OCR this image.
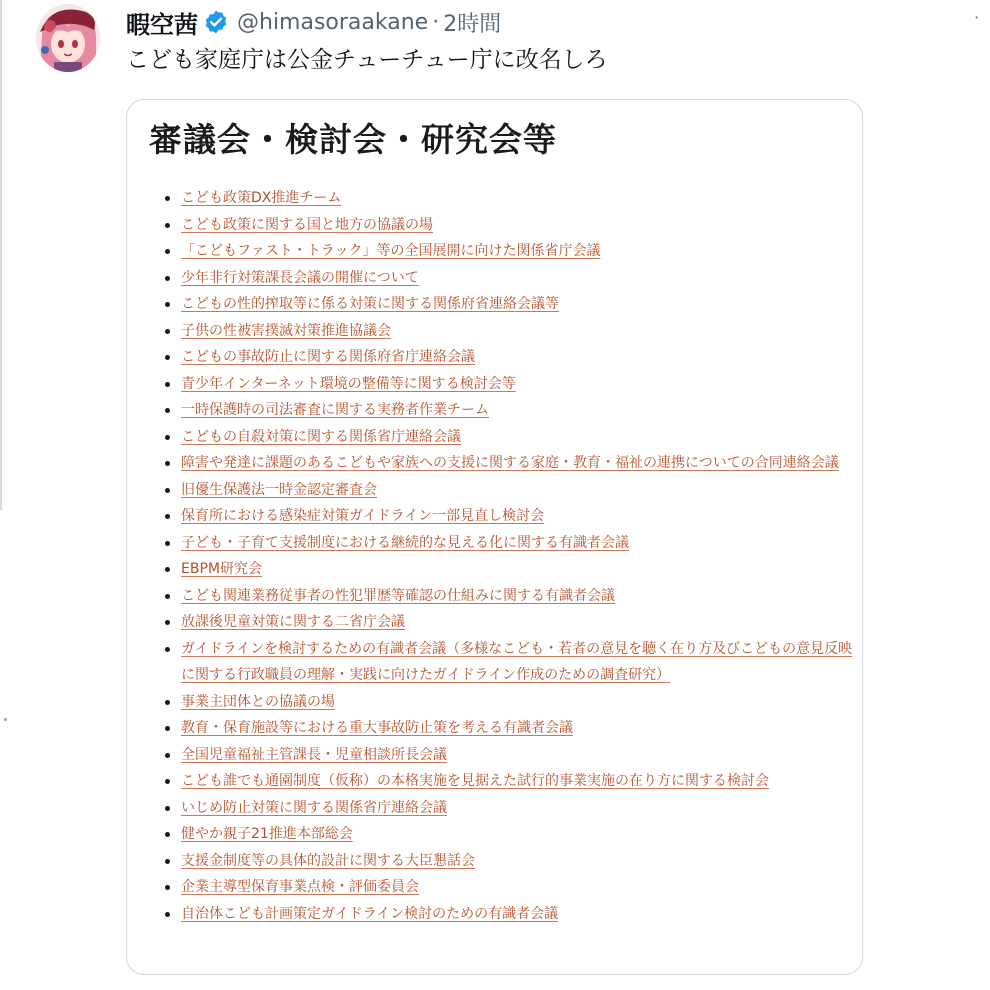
暇空茜 @himasoraakane · 2時間	·
こども家庭庁は公金チューチュー庁に改名しろ
審議会・検討会・研究会等
こども政策DX推進チーム
こども政策に関する国と地方の協議の場
「こどもファスト・トラック」等の全国展開に向けた関係省庁会議
少年非行対策課長会議の開催について
こどもの性的搾取等に係る対策に関する関係府省連絡会議等
子供の性被害撲滅対策推進協議会
こどもの事故防止に関する関係府省庁連絡会議
青少年インターネット環境の整備等に関する検討会等
一時保護時の司法審査に関する実務者作業チーム
こどもの自殺対策に関する関係省庁連絡会議
障害や発達に課題のあるこどもや家族への支援に関する家庭・教育・福祉の連携についての合同連絡会議
旧優生保護法一時金認定審査会
保育所における感染症対策ガイドライン一部見直し検討会
子ども・子育て支援制度における継続的な見える化に関する有識者会議
EBPM研究会
こども関連業務従事者の性犯罪歴等確認の仕組みに関する有識者会議
放課後児童対策に関する二省庁会議
ガイドラインを検討するための有識者会議（多様なこども・若者の意見を聴く在り方及びこどもの意見反映に関する行政職員の理解・実践に向けたガイドライン作成のための調査研究）
事業主団体との協議の場
教育・保育施設等における重大事故防止策を考える有識者会議
全国児童福祉主管課長・児童相談所長会議
こども誰でも通園制度（仮称）の本格実施を見据えた試行的事業実施の在り方に関する検討会
いじめ防止対策に関する関係省庁連絡会議
健やか親子21推進本部総会
支援金制度等の具体的設計に関する大臣懇話会
企業主導型保育事業点検・評価委員会
自治体こども計画策定ガイドライン検討のための有識者会議
